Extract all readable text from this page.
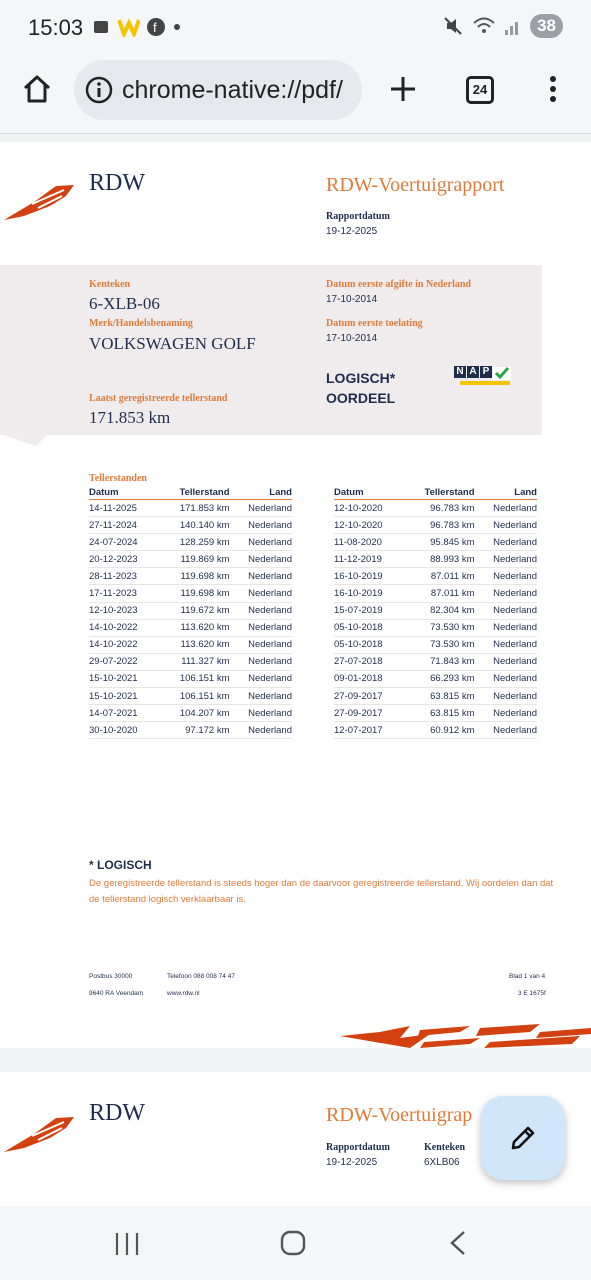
15:03	f	38
chrome-native://pdf/	24
RDW	RDW-Voertuigrapport
Rapportdatum
19-12-2025
Kenteken
6-XLB-06
Merk/Handelsbenaming
VOLKSWAGEN GOLF
Datum eerste afgifte in Nederland
17-10-2014
Datum eerste toelating
17-10-2014
LOGISCH*
OORDEEL
N A P
Laatst geregistreerde tellerstand
171.853 km
Tellerstanden
Datum	Tellerstand	Land
14-11-2025	171.853 km	Nederland
27-11-2024	140.140 km	Nederland
24-07-2024	128.259 km	Nederland
20-12-2023	119.869 km	Nederland
28-11-2023	119.698 km	Nederland
17-11-2023	119.698 km	Nederland
12-10-2023	119.672 km	Nederland
14-10-2022	113.620 km	Nederland
14-10-2022	113.620 km	Nederland
29-07-2022	111.327 km	Nederland
15-10-2021	106.151 km	Nederland
15-10-2021	106.151 km	Nederland
14-07-2021	104.207 km	Nederland
30-10-2020	97.172 km	Nederland
Datum	Tellerstand	Land
12-10-2020	96.783 km	Nederland
12-10-2020	96.783 km	Nederland
11-08-2020	95.845 km	Nederland
11-12-2019	88.993 km	Nederland
16-10-2019	87.011 km	Nederland
16-10-2019	87.011 km	Nederland
15-07-2019	82.304 km	Nederland
05-10-2018	73.530 km	Nederland
05-10-2018	73.530 km	Nederland
27-07-2018	71.843 km	Nederland
09-01-2018	66.293 km	Nederland
27-09-2017	63.815 km	Nederland
27-09-2017	63.815 km	Nederland
12-07-2017	60.912 km	Nederland
* LOGISCH
De geregistreerde tellerstand is steeds hoger dan de daarvoor geregistreerde tellerstand. Wij oordelen dan dat de tellerstand logisch verklaarbaar is.
Postbus 30000
9640 RA Veendam
Telefoon 088 008 74 47
www.rdw.nl
Blad 1 van 4
3 E 1675f
RDW	RDW-Voertuigrap
Rapportdatum
19-12-2025
Kenteken
6XLB06
